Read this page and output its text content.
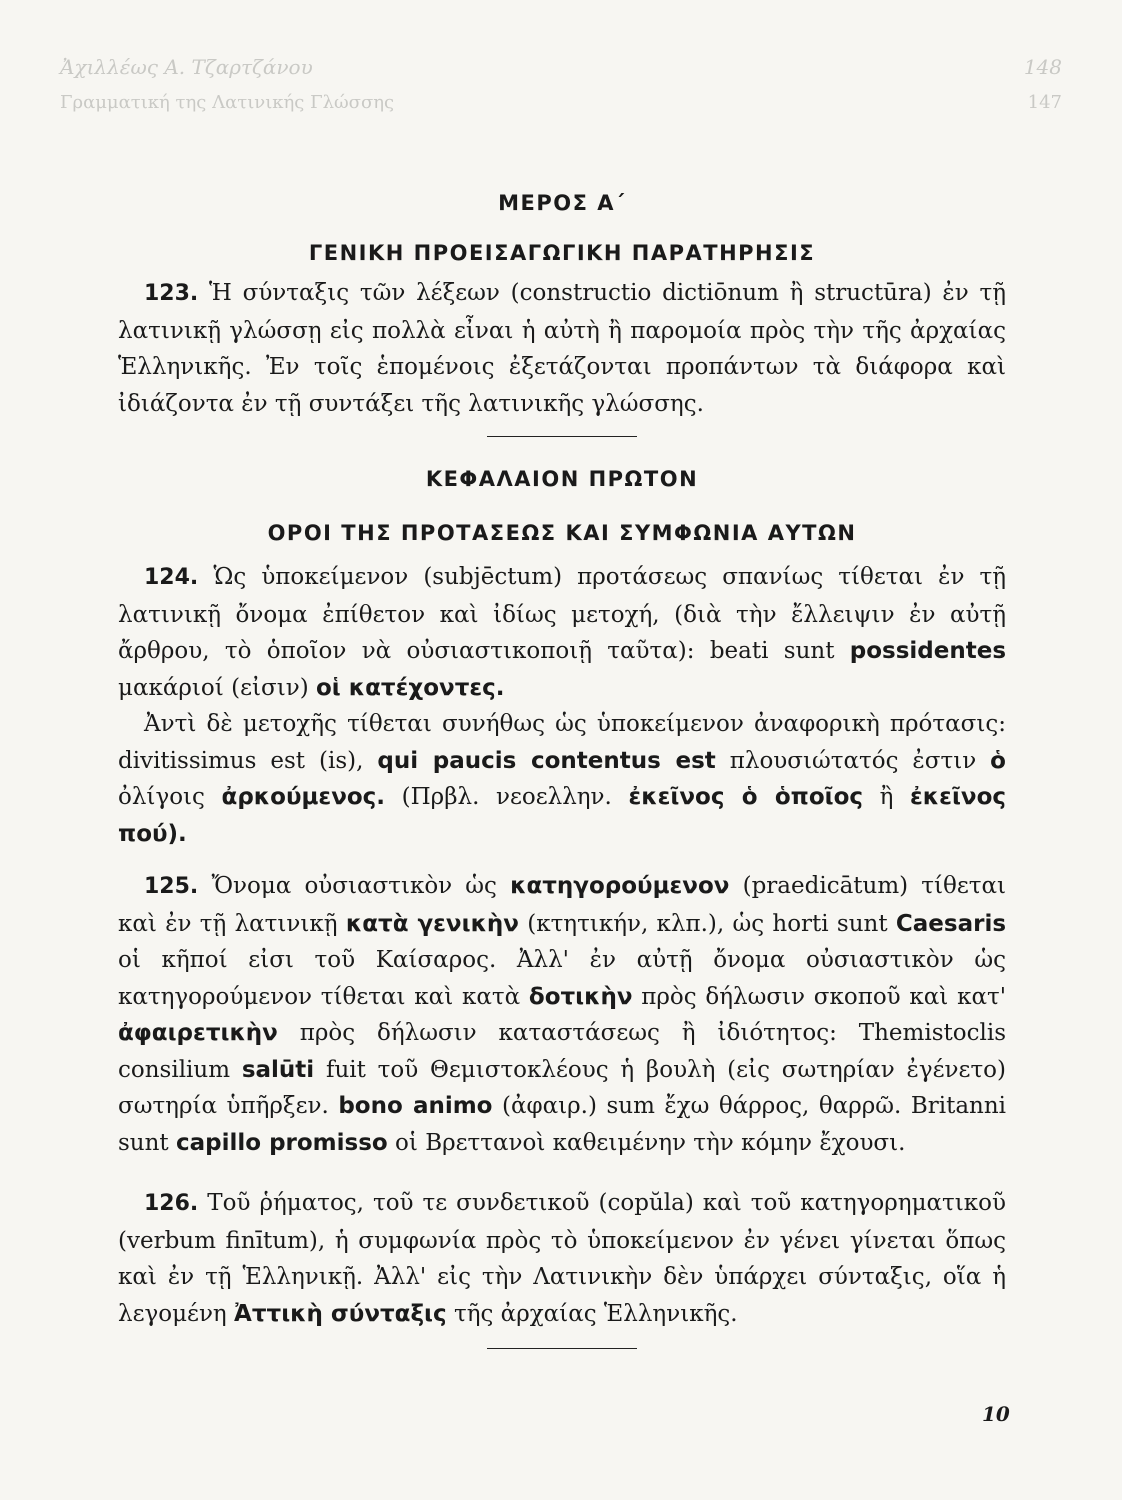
Ἀχιλλέως Α. Τζαρτζάνου	148
Γραμματική της Λατινικής Γλώσσης	147
ΜΕΡΟΣ Α΄
ΓΕΝΙΚΗ ΠΡΟΕΙΣΑΓΩΓΙΚΗ ΠΑΡΑΤΗΡΗΣΙΣ

123. Ἡ σύνταξις τῶν λέξεων (constructio dictiōnum ἢ structūra) ἐν τῇ λατινικῇ γλώσσῃ εἰς πολλὰ εἶναι ἡ αὐτὴ ἢ παρομοία πρὸς τὴν τῆς ἀρχαίας Ἑλληνικῆς. Ἐν τοῖς ἑπομένοις ἐξετάζονται προπάντων τὰ διάφορα καὶ ἰδιάζοντα ἐν τῇ συντάξει τῆς λατινικῆς γλώσσης.

ΚΕΦΑΛΑΙΟΝ ΠΡΩΤΟΝ
ΟΡΟΙ ΤΗΣ ΠΡΟΤΑΣΕΩΣ ΚΑΙ ΣΥΜΦΩΝΙΑ ΑΥΤΩΝ

124. Ὡς ὑποκείμενον (subjēctum) προτάσεως σπανίως τίθεται ἐν τῇ λατινικῇ ὄνομα ἐπίθετον καὶ ἰδίως μετοχή, (διὰ τὴν ἔλλειψιν ἐν αὐτῇ ἄρθρου, τὸ ὁποῖον νὰ οὐσιαστικοποιῇ ταῦτα): beati sunt possidentes μακάριοί (εἰσιν) οἱ κατέχοντες.

Ἀντὶ δὲ μετοχῆς τίθεται συνήθως ὡς ὑποκείμενον ἀναφορικὴ πρότασις: divitissimus est (is), qui paucis contentus est πλουσιώτατός ἐστιν ὁ ὀλίγοις ἀρκούμενος. (Πρβλ. νεοελλην. ἐκεῖνος ὁ ὁποῖος ἢ ἐκεῖνος πού).

125. Ὄνομα οὐσιαστικὸν ὡς κατηγορούμενον (praedicātum) τίθεται καὶ ἐν τῇ λατινικῇ κατὰ γενικὴν (κτητικήν, κλπ.), ὡς horti sunt Caesaris οἱ κῆποί εἰσι τοῦ Καίσαρος. Ἀλλ' ἐν αὐτῇ ὄνομα οὐσιαστικὸν ὡς κατηγορούμενον τίθεται καὶ κατὰ δοτικὴν πρὸς δήλωσιν σκοποῦ καὶ κατ' ἀφαιρετικὴν πρὸς δήλωσιν καταστάσεως ἢ ἰδιότητος: Themistoclis consilium salūti fuit τοῦ Θεμιστοκλέους ἡ βουλὴ (εἰς σωτηρίαν ἐγένετο) σωτηρία ὑπῆρξεν. bono animo (ἀφαιρ.) sum ἔχω θάρρος, θαρρῶ. Britanni sunt capillo promisso οἱ Βρεττανοὶ καθειμένην τὴν κόμην ἔχουσι.

126. Τοῦ ῥήματος, τοῦ τε συνδετικοῦ (copŭla) καὶ τοῦ κατηγορηματικοῦ (verbum finītum), ἡ συμφωνία πρὸς τὸ ὑποκείμενον ἐν γένει γίνεται ὅπως καὶ ἐν τῇ Ἑλληνικῇ. Ἀλλ' εἰς τὴν Λατινικὴν δὲν ὑπάρχει σύνταξις, οἵα ἡ λεγομένη Ἀττικὴ σύνταξις τῆς ἀρχαίας Ἑλληνικῆς.

10
